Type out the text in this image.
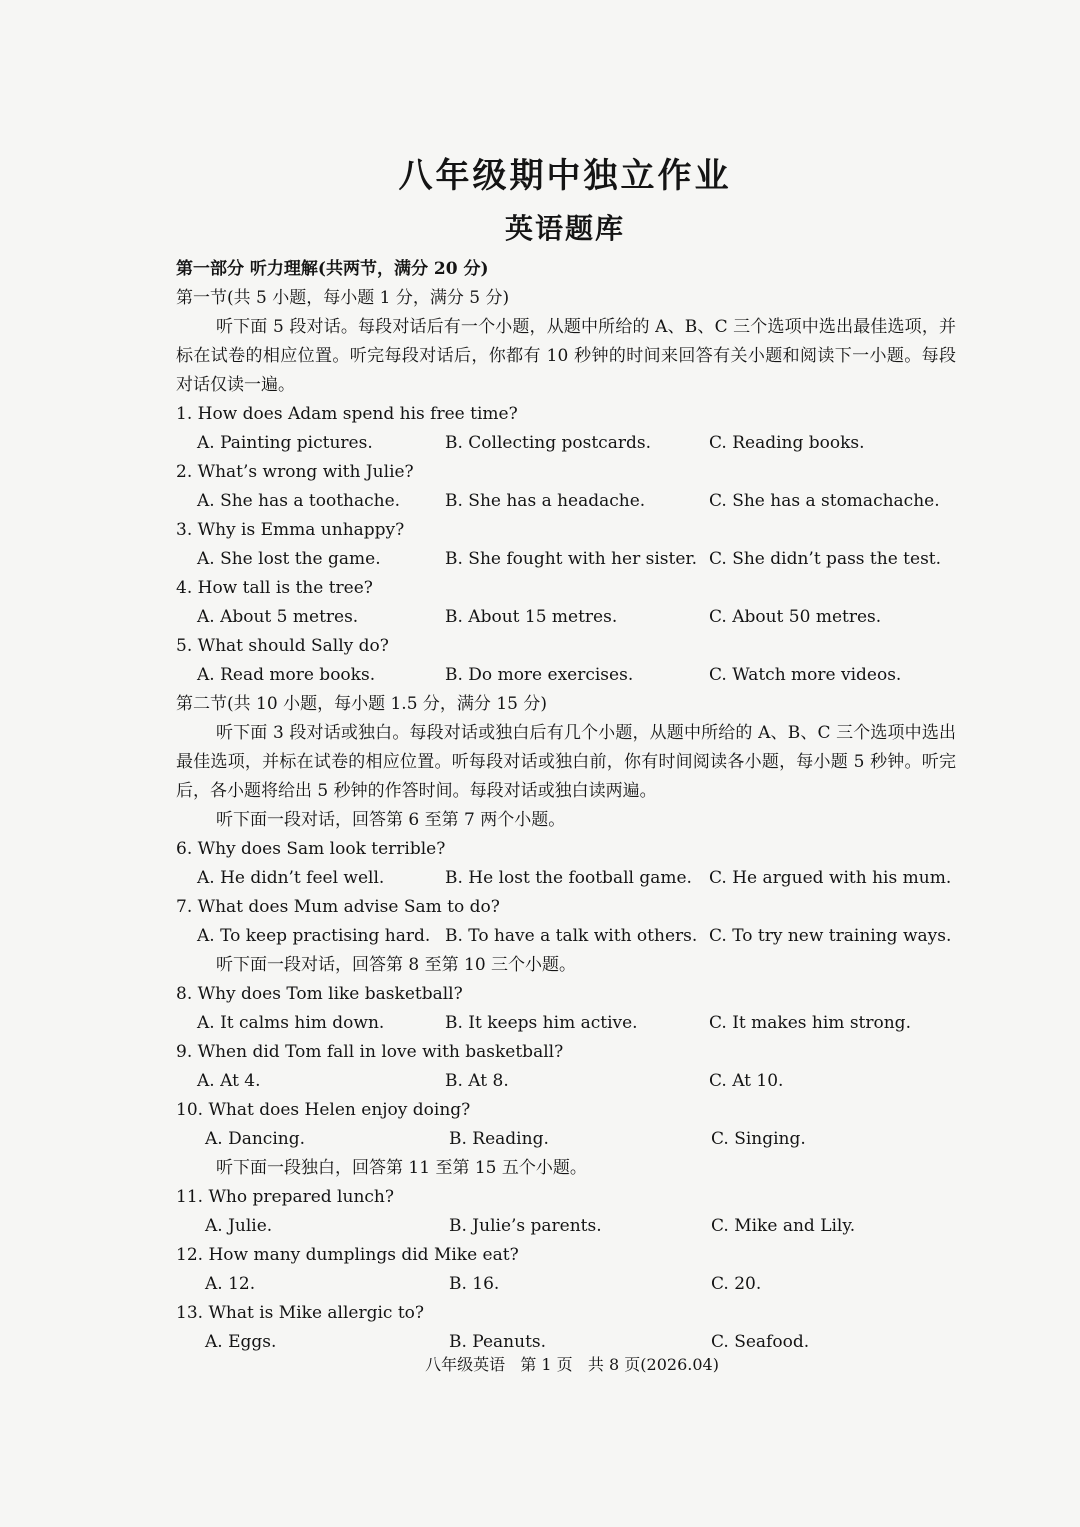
八年级期中独立作业
英语题库
第一部分 听力理解(共两节，满分 20 分)
第一节(共 5 小题，每小题 1 分，满分 5 分)
听下面 5 段对话。每段对话后有一个小题，从题中所给的 A、B、C 三个选项中选出最佳选项，并标在试卷的相应位置。听完每段对话后，你都有 10 秒钟的时间来回答有关小题和阅读下一小题。每段对话仅读一遍。
1. How does Adam spend his free time?
A. Painting pictures.	B. Collecting postcards.	C. Reading books.
2. What’s wrong with Julie?
A. She has a toothache.	B. She has a headache.	C. She has a stomachache.
3. Why is Emma unhappy?
A. She lost the game.	B. She fought with her sister. C. She didn’t pass the test.
4. How tall is the tree?
A. About 5 metres.	B. About 15 metres.	C. About 50 metres.
5. What should Sally do?
A. Read more books.	B. Do more exercises.	C. Watch more videos.
第二节(共 10 小题，每小题 1.5 分，满分 15 分)
听下面 3 段对话或独白。每段对话或独白后有几个小题，从题中所给的 A、B、C 三个选项中选出最佳选项，并标在试卷的相应位置。听每段对话或独白前，你有时间阅读各小题，每小题 5 秒钟。听完后，各小题将给出 5 秒钟的作答时间。每段对话或独白读两遍。
听下面一段对话，回答第 6 至第 7 两个小题。
6. Why does Sam look terrible?
A. He didn’t feel well.	B. He lost the football game. C. He argued with his mum.
7. What does Mum advise Sam to do?
A. To keep practising hard. B. To have a talk with others. C. To try new training ways.
听下面一段对话，回答第 8 至第 10 三个小题。
8. Why does Tom like basketball?
A. It calms him down.	B. It keeps him active.	C. It makes him strong.
9. When did Tom fall in love with basketball?
A. At 4.	B. At 8.	C. At 10.
10. What does Helen enjoy doing?
A. Dancing.	B. Reading.	C. Singing.
听下面一段独白，回答第 11 至第 15 五个小题。
11. Who prepared lunch?
A. Julie.	B. Julie’s parents.	C. Mike and Lily.
12. How many dumplings did Mike eat?
A. 12.	B. 16.	C. 20.
13. What is Mike allergic to?
A. Eggs.	B. Peanuts.	C. Seafood.
八年级英语   第 1 页   共 8 页(2026.04)
